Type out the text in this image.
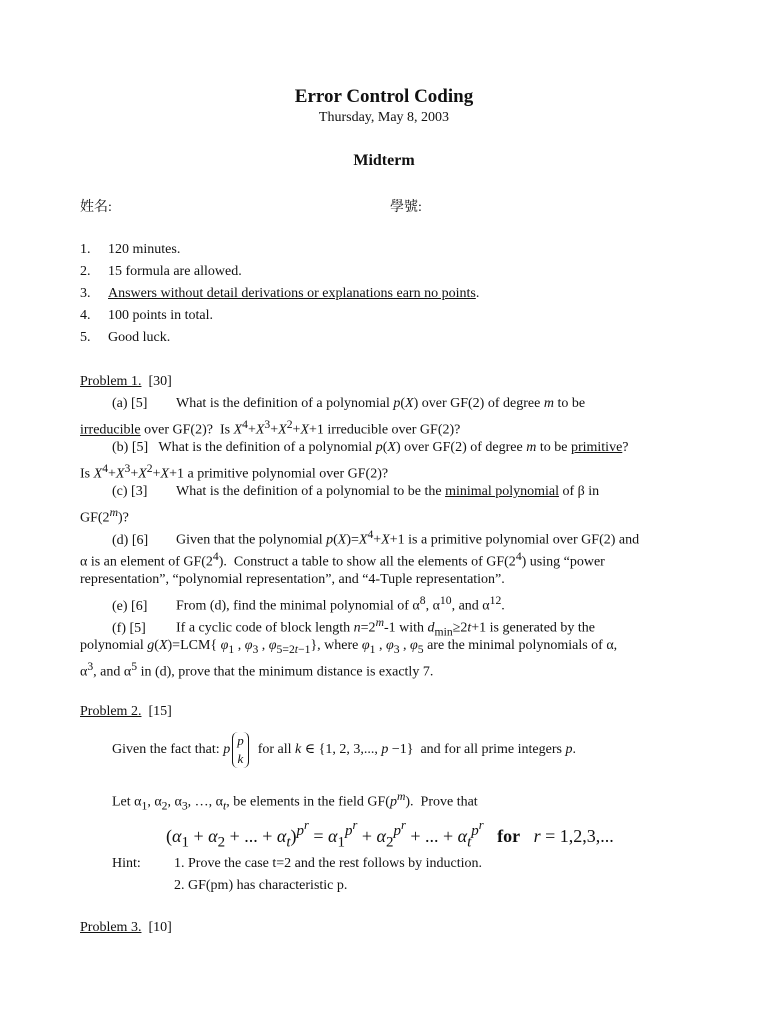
Error Control Coding
Thursday, May 8, 2003
Midterm
姓名:	學號:
1. 120 minutes.
2. 15 formula are allowed.
3. Answers without detail derivations or explanations earn no points.
4. 100 points in total.
5. Good luck.
Problem 1. [30]
(a) [5] What is the definition of a polynomial p(X) over GF(2) of degree m to be
irreducible over GF(2)?  Is $X^4+X^3+X^2+X+1$ irreducible over GF(2)?
(b) [5]   What is the definition of a polynomial p(X) over GF(2) of degree m to be primitive?
Is $X^4+X^3+X^2+X+1$ a primitive polynomial over GF(2)?
(c) [3] What is the definition of a polynomial to be the minimal polynomial of β in
GF(2$^m$)?
(d) [6] Given that the polynomial $p(X)=X^4+X+1$ is a primitive polynomial over GF(2) and
α is an element of $GF(2^4)$.  Construct a table to show all the elements of $GF(2^4)$ using “power
representation”, “polynomial representation”, and “4-Tuple representation”.
(e) [6] From (d), find the minimal polynomial of $\alpha^8$, $\alpha^{10}$, and $\alpha^{12}$.
(f) [5] If a cyclic code of block length $n=2^m-1$ with $d_{min}\ge 2t+1$ is generated by the
polynomial g(X)=LCM{ $\varphi_1$ , $\varphi_3$ , $\varphi_{5=2t-1}$}, where $\varphi_1$ , $\varphi_3$ , $\varphi_5$ are the minimal polynomials of α,
$\alpha^3$, and $\alpha^5$ in (d), prove that the minimum distance is exactly 7.
Problem 2. [15]
Given the fact that: pp
k  for all k ∈ {1, 2, 3,..., p −1}  and for all prime integers p.
Let $\alpha_1$, $\alpha_2$, $\alpha_3$, …, $\alpha_t$, be elements in the field $GF(p^m)$.  Prove that
($\alpha_1 + \alpha_2$ + ... + $\alpha_t)^{p^r} = \alpha_1^{p^r} + \alpha_2^{p^r}$ + ... + $\alpha_t^{p^r}$   for r = 1,2,3,...
Hint: 1. Prove the case t=2 and the rest follows by induction.
2. GF(pm) has characteristic p.
Problem 3. [10]
